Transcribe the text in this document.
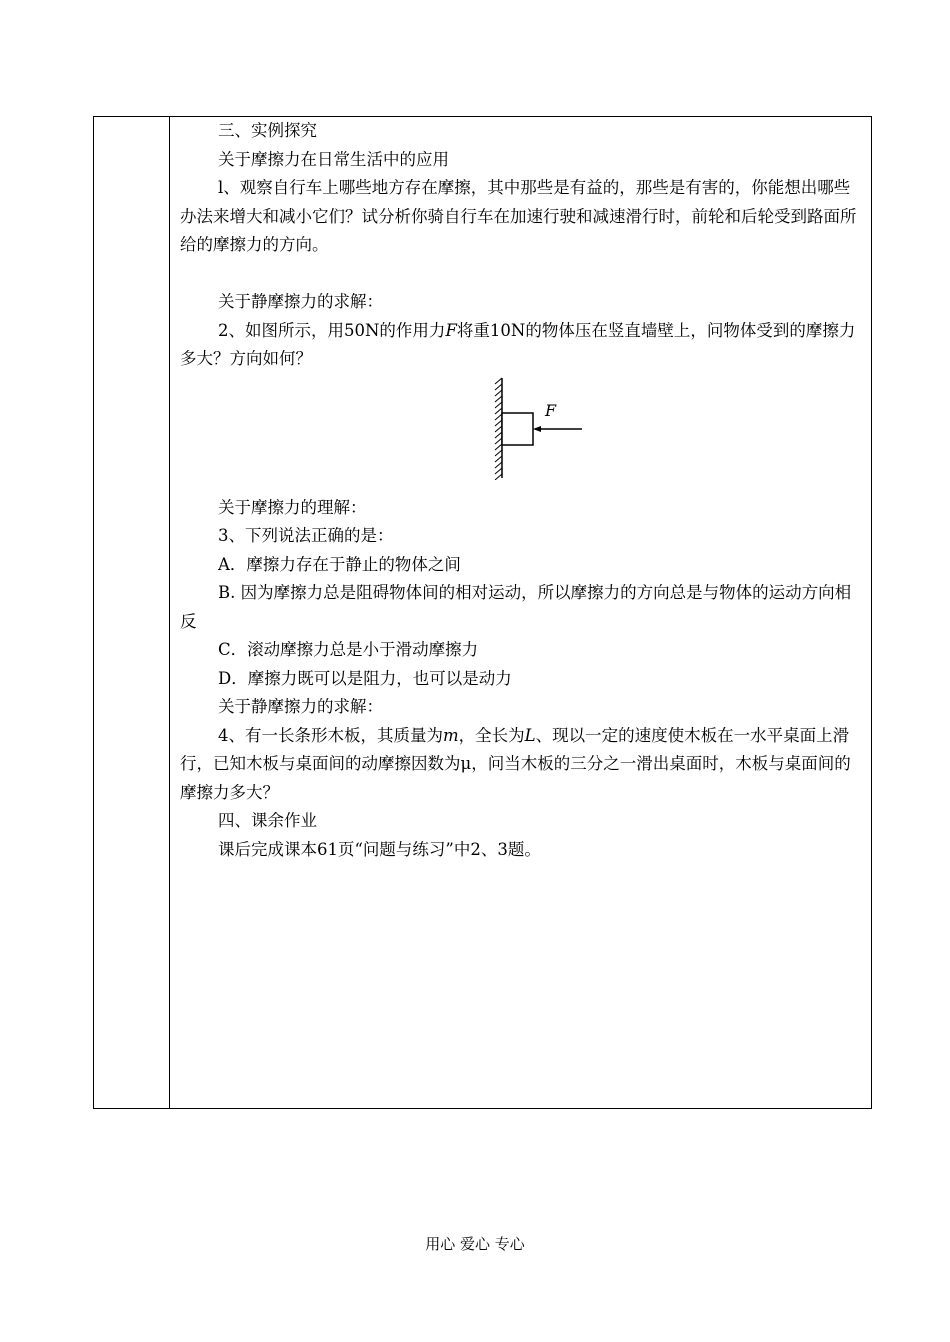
三、实例探究

关于摩擦力在日常生活中的应用

l、观察自行车上哪些地方存在摩擦，其中那些是有益的，那些是有害的，你能想出哪些办法来增大和减小它们？试分析你骑自行车在加速行驶和减速滑行时，前轮和后轮受到路面所给的摩擦力的方向。

关于静摩擦力的求解：

2、如图所示，用50N的作用力F将重10N的物体压在竖直墙壁上，问物体受到的摩擦力多大？方向如何？

F

关于摩擦力的理解：

3、下列说法正确的是：

A．摩擦力存在于静止的物体之间

B. 因为摩擦力总是阻碍物体间的相对运动，所以摩擦力的方向总是与物体的运动方向相反

C．滚动摩擦力总是小于滑动摩擦力

D．摩擦力既可以是阻力，也可以是动力

关于静摩擦力的求解：

4、有一长条形木板，其质量为m，全长为L、现以一定的速度使木板在一水平桌面上滑行，已知木板与桌面间的动摩擦因数为μ，问当木板的三分之一滑出桌面时，木板与桌面间的摩擦力多大？

四、课余作业

课后完成课本61页“问题与练习”中2、3题。

用心 爱心 专心
